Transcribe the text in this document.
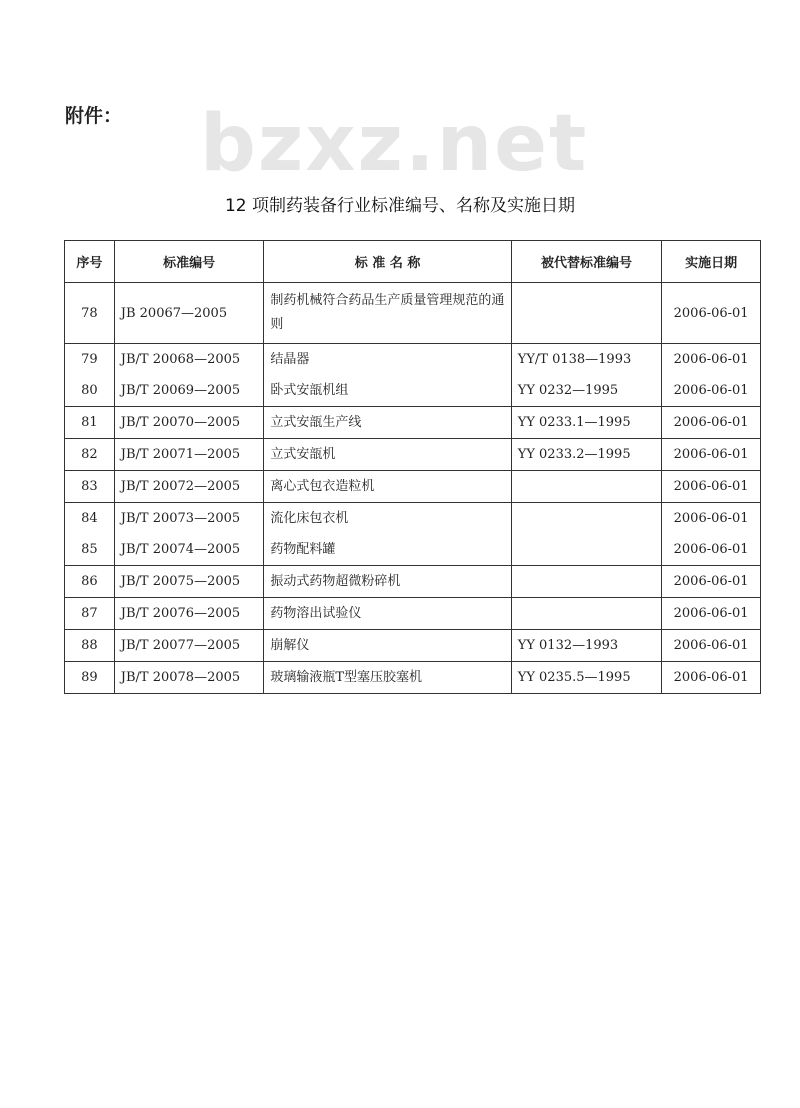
bzxz.net
附件：
12 项制药装备行业标准编号、名称及实施日期
序号	标准编号	标 准 名 称	被代替标准编号	实施日期
78	JB 20067—2005	制药机械符合药品生产质量管理规范的通则		2006-06-01
79	JB/T 20068—2005	结晶器	YY/T 0138—1993	2006-06-01
80	JB/T 20069—2005	卧式安瓿机组	YY 0232—1995	2006-06-01
81	JB/T 20070—2005	立式安瓿生产线	YY 0233.1—1995	2006-06-01
82	JB/T 20071—2005	立式安瓿机	YY 0233.2—1995	2006-06-01
83	JB/T 20072—2005	离心式包衣造粒机		2006-06-01
84	JB/T 20073—2005	流化床包衣机		2006-06-01
85	JB/T 20074—2005	药物配料罐		2006-06-01
86	JB/T 20075—2005	振动式药物超微粉碎机		2006-06-01
87	JB/T 20076—2005	药物溶出试验仪		2006-06-01
88	JB/T 20077—2005	崩解仪	YY 0132—1993	2006-06-01
89	JB/T 20078—2005	玻璃输液瓶T型塞压胶塞机	YY 0235.5—1995	2006-06-01
